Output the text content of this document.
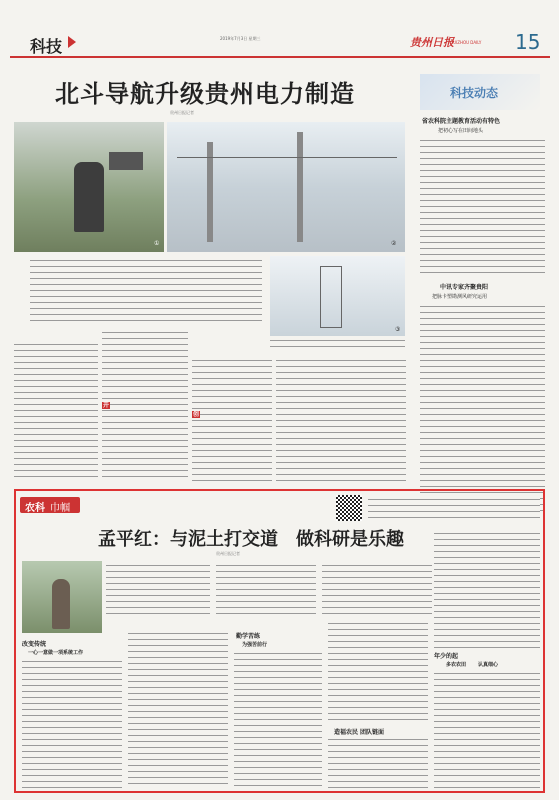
科技	2019年7月3日 星期三	贵州日报
GUIZHOU DAILY 15
北斗导航升级贵州电力制造
贵州日报记者
①	②
科技动态
省农科院主题教育活动有特色
把初心写在田间地头
中讯专家齐聚贵阳
把脉卡塑勘测风研究运用
③
开
创
农科 巾帼
孟平红：与泥土打交道　做科研是乐趣
贵州日报记者
改变传统
一心一意做一项系统工作
勤学苦练
为强苦前行
造福农民 团队链面
年少的起
多农农田 认真细心
